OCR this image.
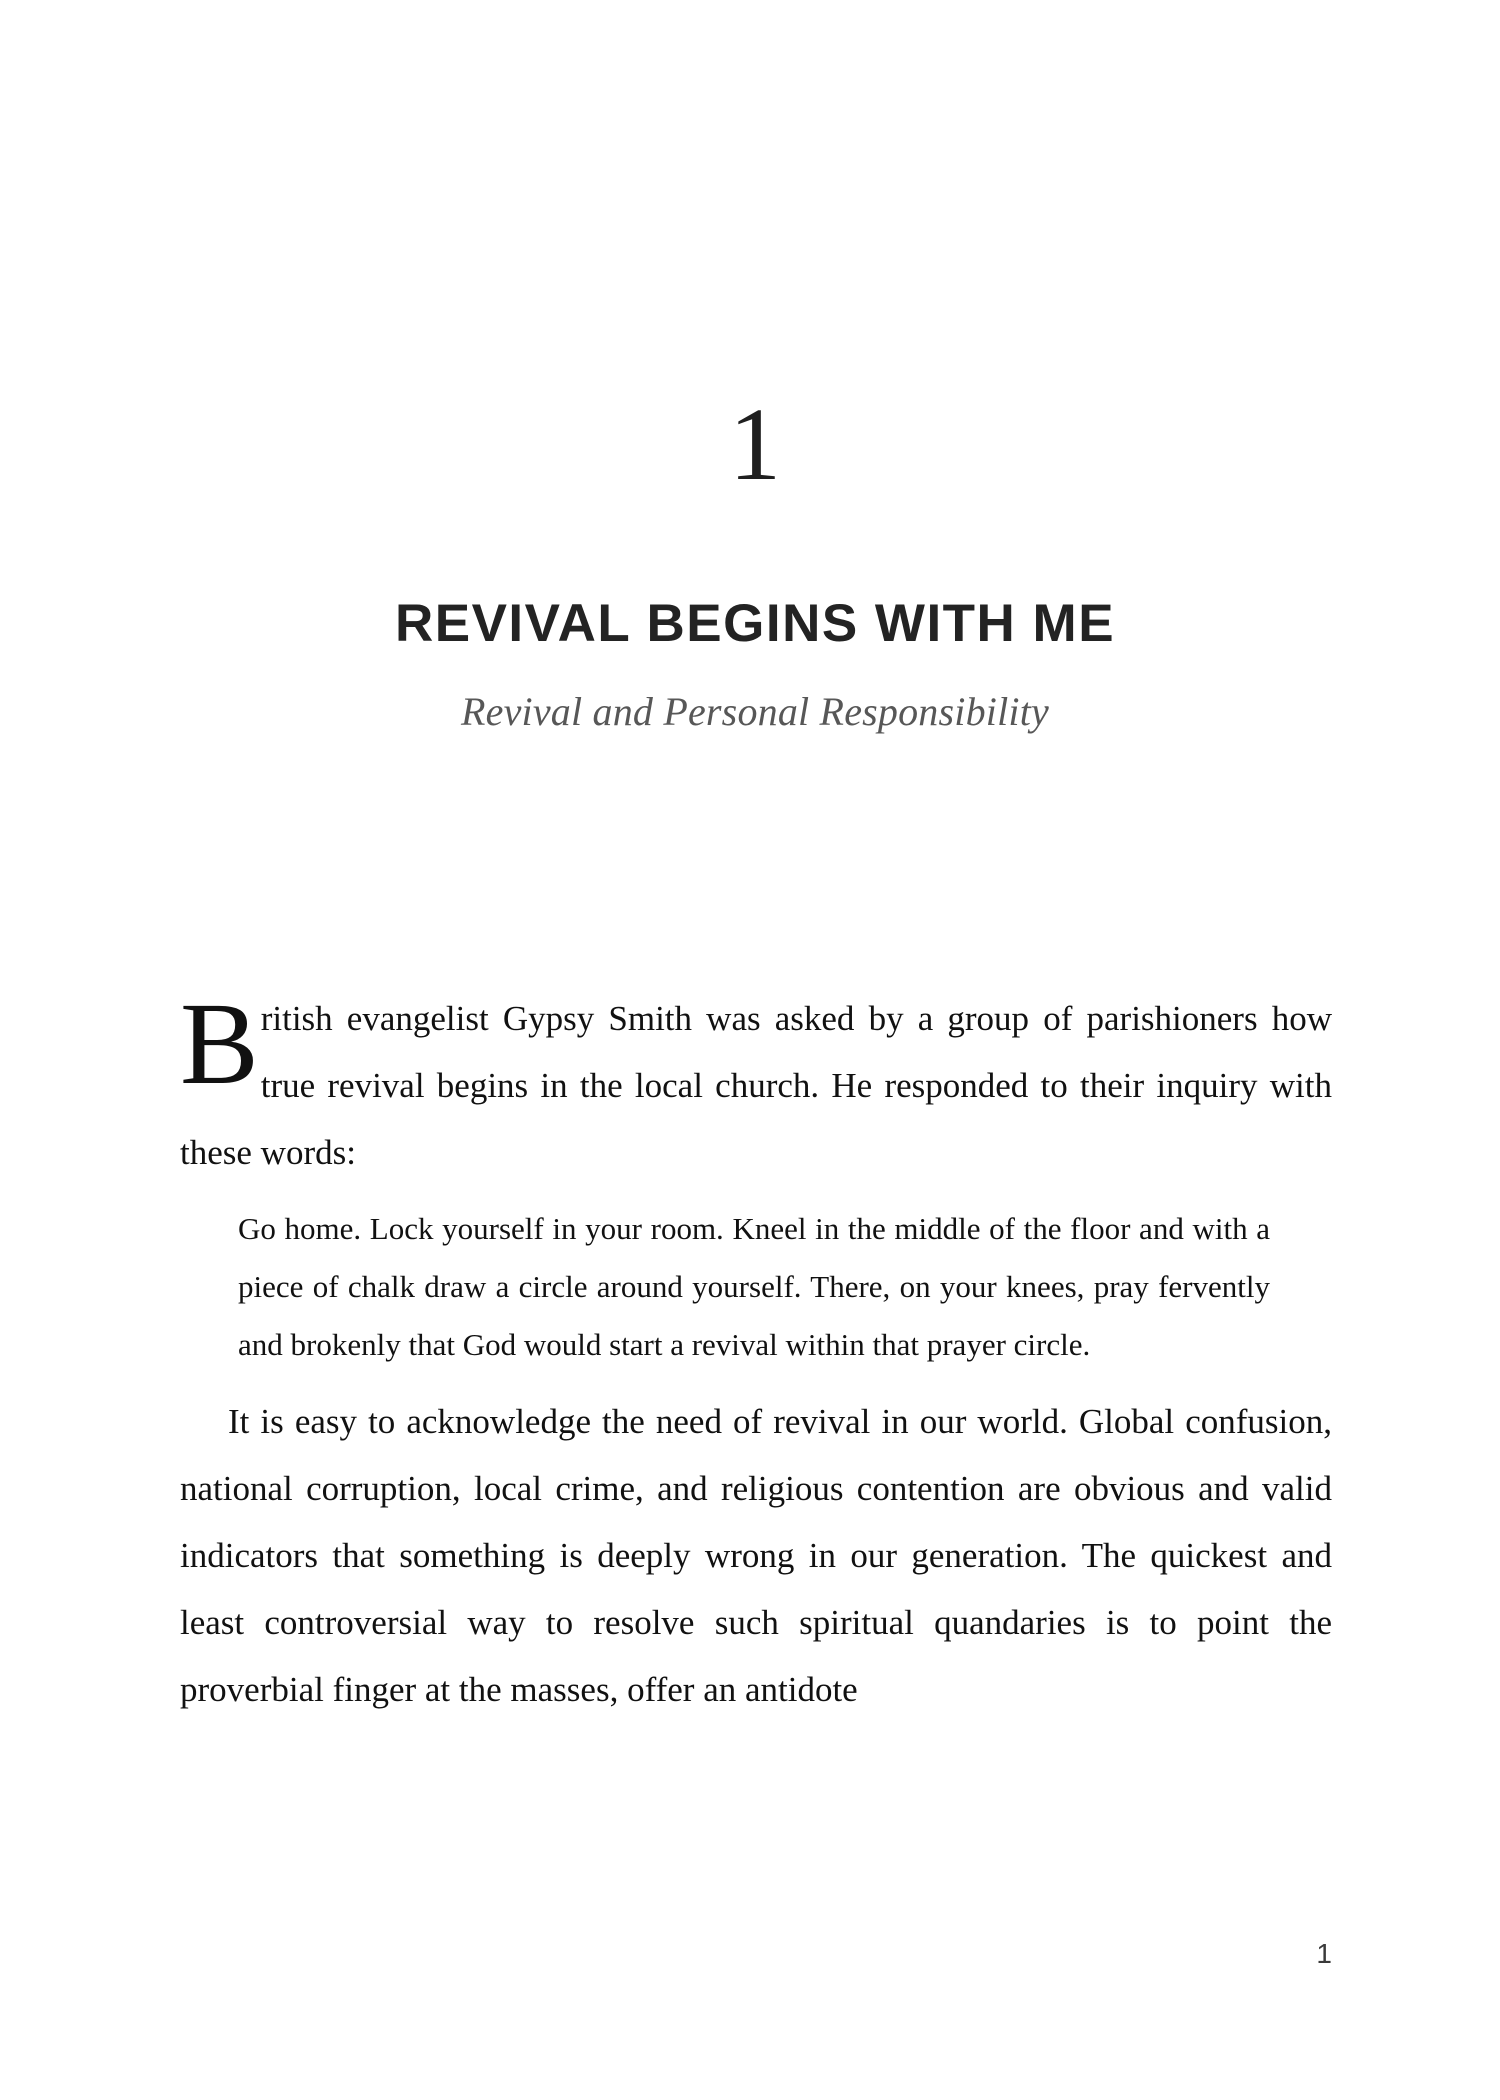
1
REVIVAL BEGINS WITH ME
Revival and Personal Responsibility

British evangelist Gypsy Smith was asked by a group of parishioners how true revival begins in the local church. He responded to their inquiry with these words:

Go home. Lock yourself in your room. Kneel in the middle of the floor and with a piece of chalk draw a circle around yourself. There, on your knees, pray fervently and brokenly that God would start a revival within that prayer circle.

It is easy to acknowledge the need of revival in our world. Global confusion, national corruption, local crime, and religious contention are obvious and valid indicators that something is deeply wrong in our generation. The quickest and least controversial way to resolve such spiritual quandaries is to point the proverbial finger at the masses, offer an antidote

1
